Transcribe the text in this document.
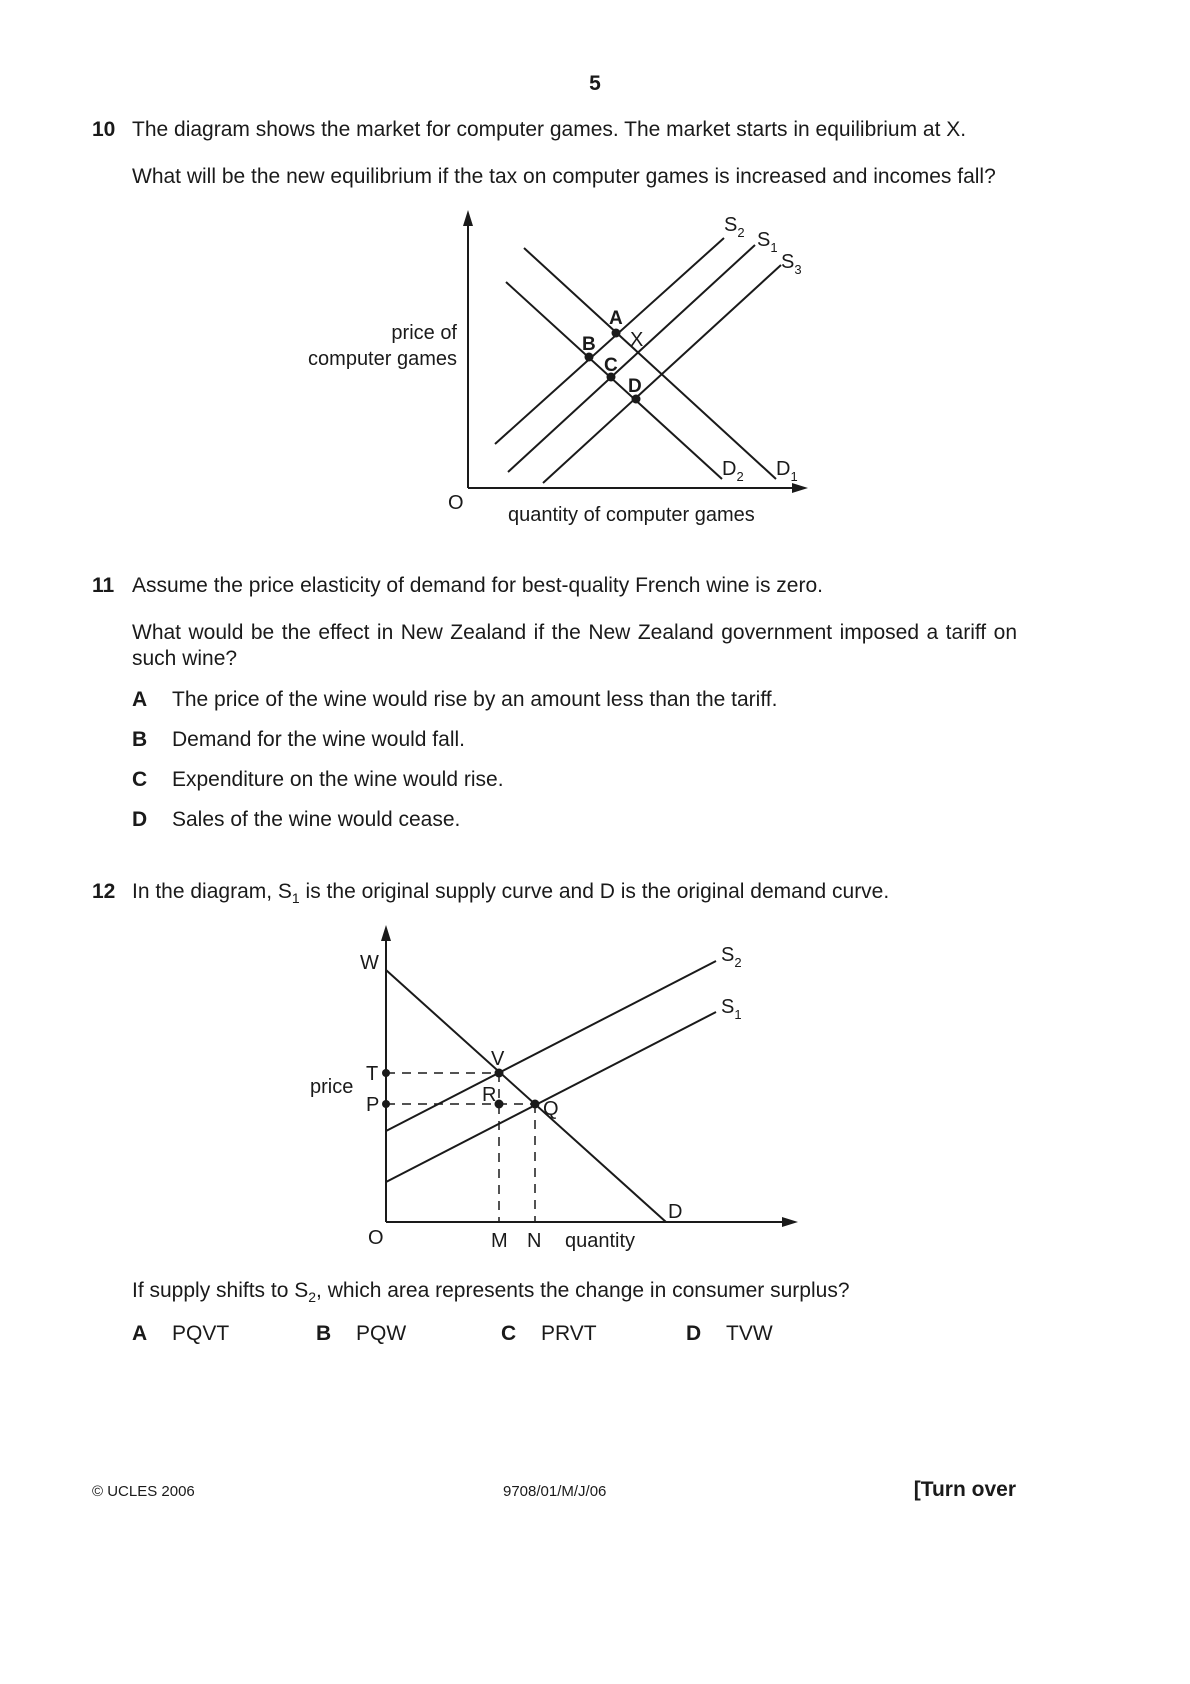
5
10 The diagram shows the market for computer games. The market starts in equilibrium at X.
What will be the new equilibrium if the tax on computer games is increased and incomes fall?
A
B
C
D
X
$S_2$ $S_1$
$S_3$
$D_2$ $D_1$
price of
computer games
quantity of computer games
O
11 Assume the price elasticity of demand for best-quality French wine is zero.
What would be the effect in New Zealand if the New Zealand government imposed a tariff on such wine?
A The price of the wine would rise by an amount less than the tariff.
B Demand for the wine would fall.
C Expenditure on the wine would rise.
D Sales of the wine would cease.
12 In the diagram, $S_1$ is the original supply curve and D is the original demand curve.
W
T
P
V
R
Q
D
M N
$S_2$
$S_1$
price
quantity
O
If supply shifts to $S_2$, which area represents the change in consumer surplus?
A PQVT	B PQW	C PRVT	D TVW
© UCLES 2006	9708/01/M/J/06	[Turn over
